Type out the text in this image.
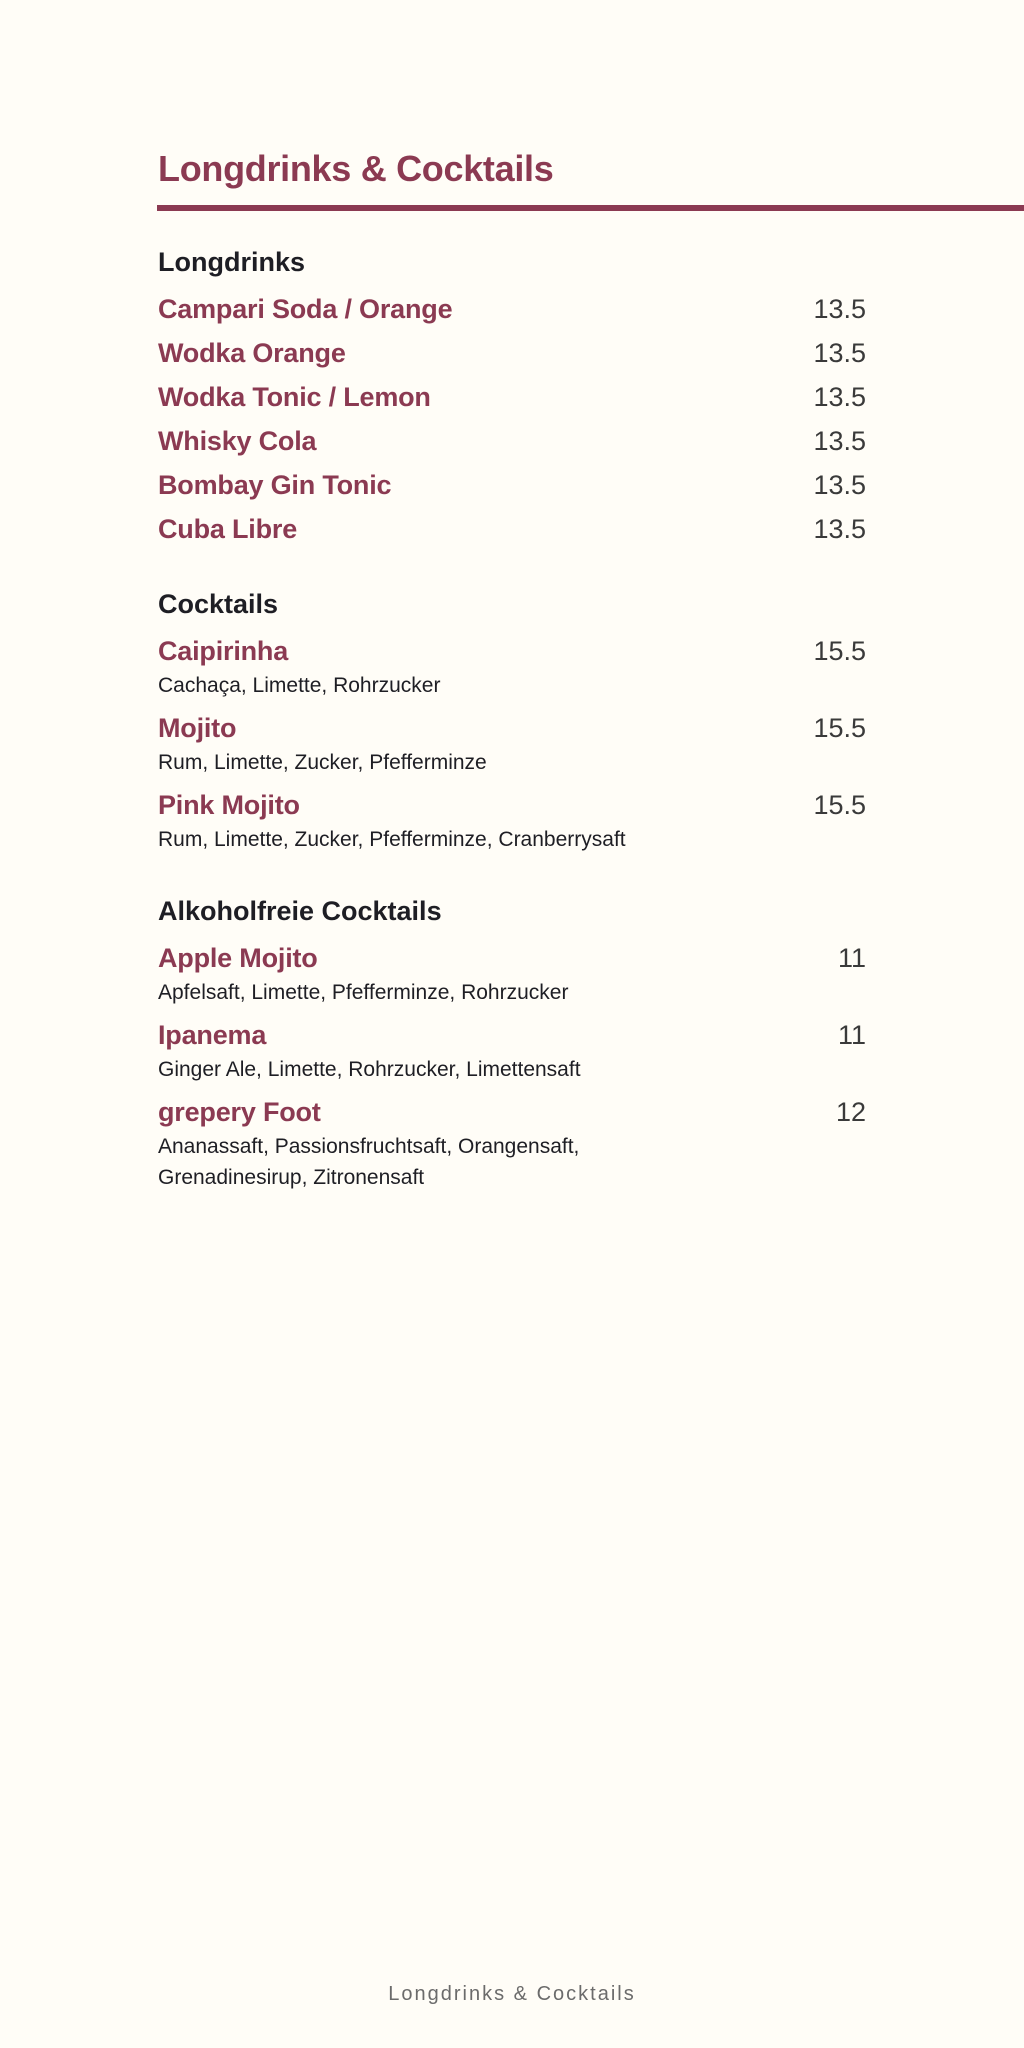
Longdrinks & Cocktails
Longdrinks
Campari Soda / Orange	13.5
Wodka Orange	13.5
Wodka Tonic / Lemon	13.5
Whisky Cola	13.5
Bombay Gin Tonic	13.5
Cuba Libre	13.5
Cocktails
Caipirinha	15.5
Cachaça, Limette, Rohrzucker
Mojito	15.5
Rum, Limette, Zucker, Pfefferminze
Pink Mojito	15.5
Rum, Limette, Zucker, Pfefferminze, Cranberrysaft
Alkoholfreie Cocktails
Apple Mojito	11
Apfelsaft, Limette, Pfefferminze, Rohrzucker
Ipanema	11
Ginger Ale, Limette, Rohrzucker, Limettensaft
grepery Foot	12
Ananassaft, Passionsfruchtsaft, Orangensaft, Grenadinesirup, Zitronensaft
Longdrinks & Cocktails
